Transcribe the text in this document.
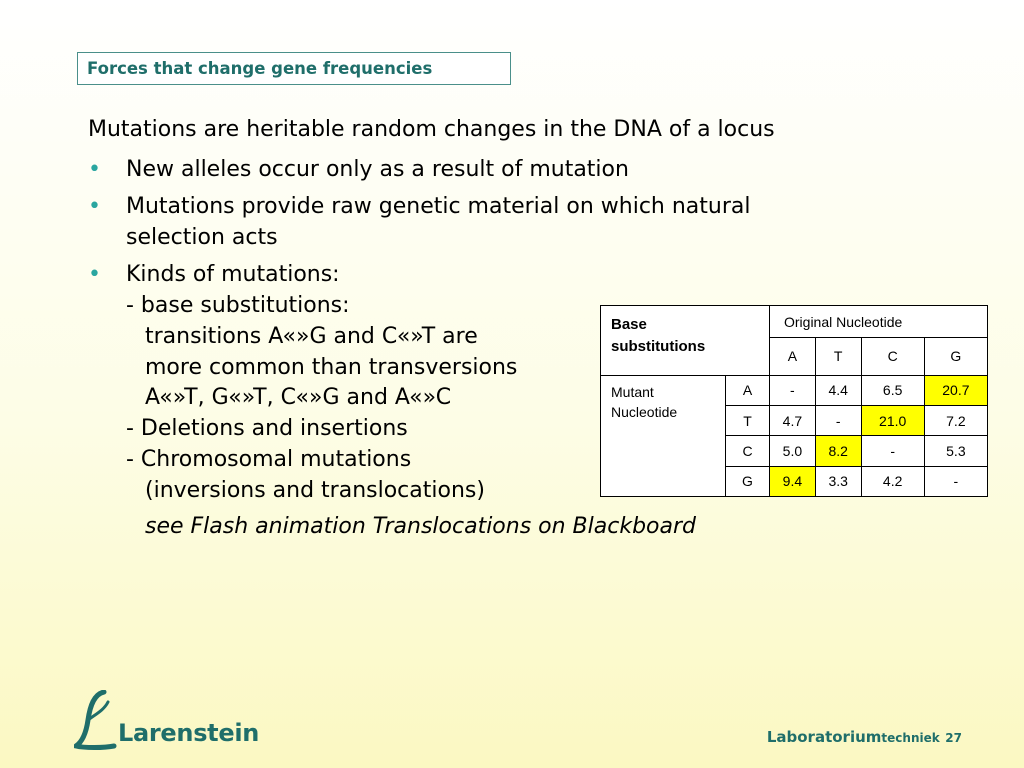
Forces that change gene frequencies
Mutations are heritable random changes in the DNA of a locus
• New alleles occur only as a result of mutation
• Mutations provide raw genetic material on which natural
selection acts
• Kinds of mutations:
- base substitutions:
transitions A«»G and C«»T are
more common than transversions
A«»T, G«»T, C«»G and A«»C
- Deletions and insertions
- Chromosomal mutations
(inversions and translocations)
see Flash animation Translocations on Blackboard
Base
substitutions		Original Nucleotide			
		A	T	C	G
Mutant
Nucleotide	A	-	4.4	6.5	20.7
	T	4.7	-	21.0	7.2
	C	5.0	8.2	-	5.3
	G	9.4	3.3	4.2	-
Larenstein	Laboratoriumtechniek 27
